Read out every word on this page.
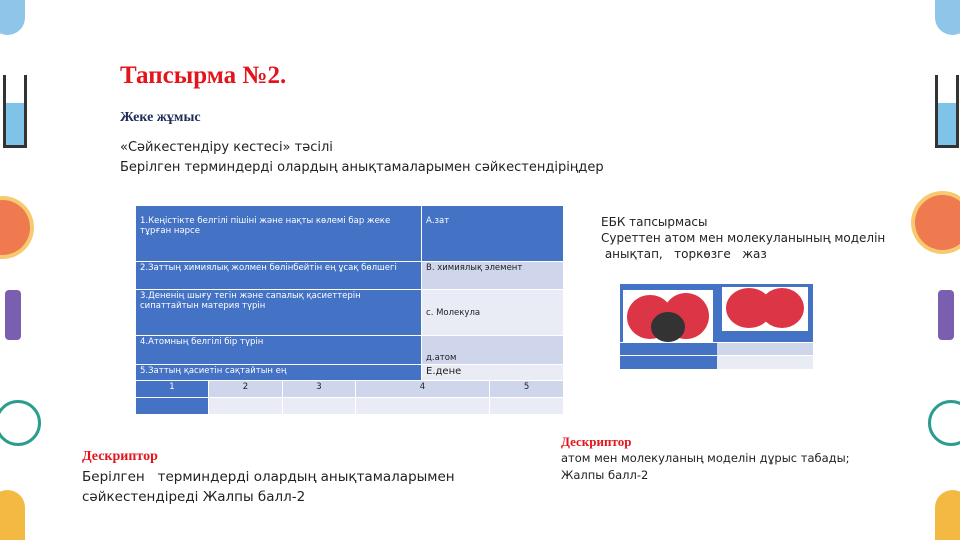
Тапсырма №2.
Жеке жұмыс
«Сәйкестендіру кестесі» тәсілі
Берілген терминдерді олардың анықтамаларымен сәйкестендіріңдер
1.Кеңістікте белгілі пішіні және нақты көлемі бар жеке тұрған нәрсе				А.зат	
2.Заттың химиялық жолмен бөлінбейтін ең ұсақ бөлшегі				В. химиялық элемент	
3.Дененің шығу тегін және сапалық қасиеттерін сипаттайтын материя түрін				с. Молекула	
4.Атомның белгілі бір түрін				д.атом	
5.Заттың қасиетін сақтайтын ең				Е.дене	
1	2	3	4		5

ЕБК тапсырмасы
Суреттен атом мен молекуланының моделін
анықтап,   торкөзге   жаз
Дескриптор
Берілген   терминдерді олардың анықтамаларымен
сәйкестендіреді Жалпы балл-2
Дескриптор
атом мен молекуланың моделін дұрыс табады;
Жалпы балл-2
